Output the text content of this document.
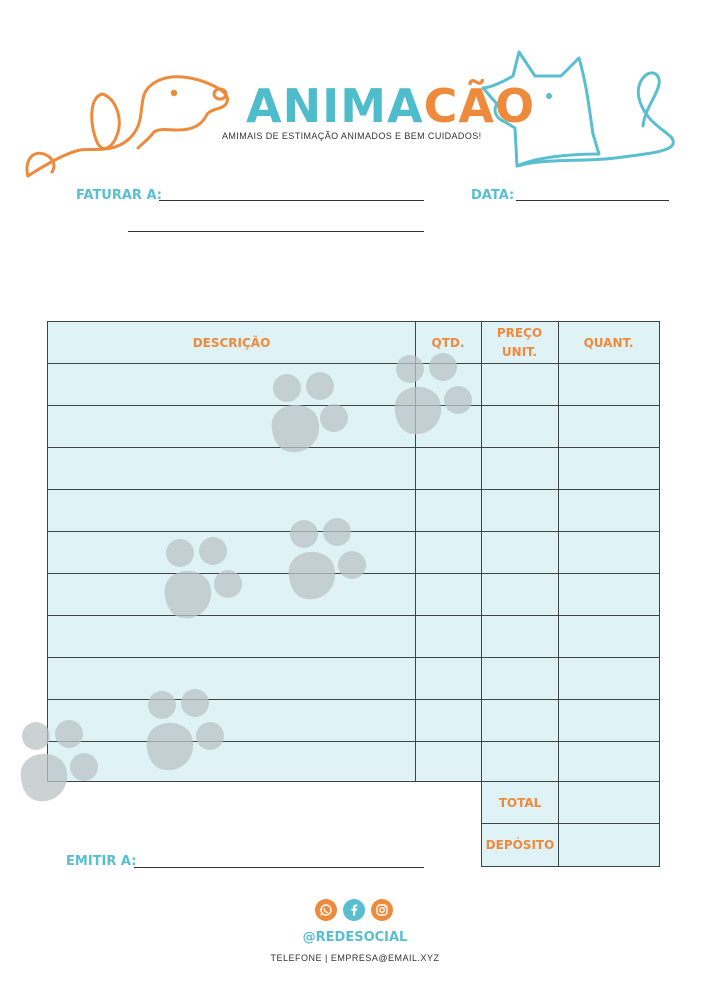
ANIMACÃO
AMIMAIS DE ESTIMAÇÃO ANIMADOS E BEM CUIDADOS!
FATURAR A:	DATA:
DESCRIÇÃO	QTD.
PREÇO UNIT.
QUANT.
TOTAL
DEPÓSITO
EMITIR A:
@REDESOCIAL
TELEFONE | EMPRESA@EMAIL.XYZ
